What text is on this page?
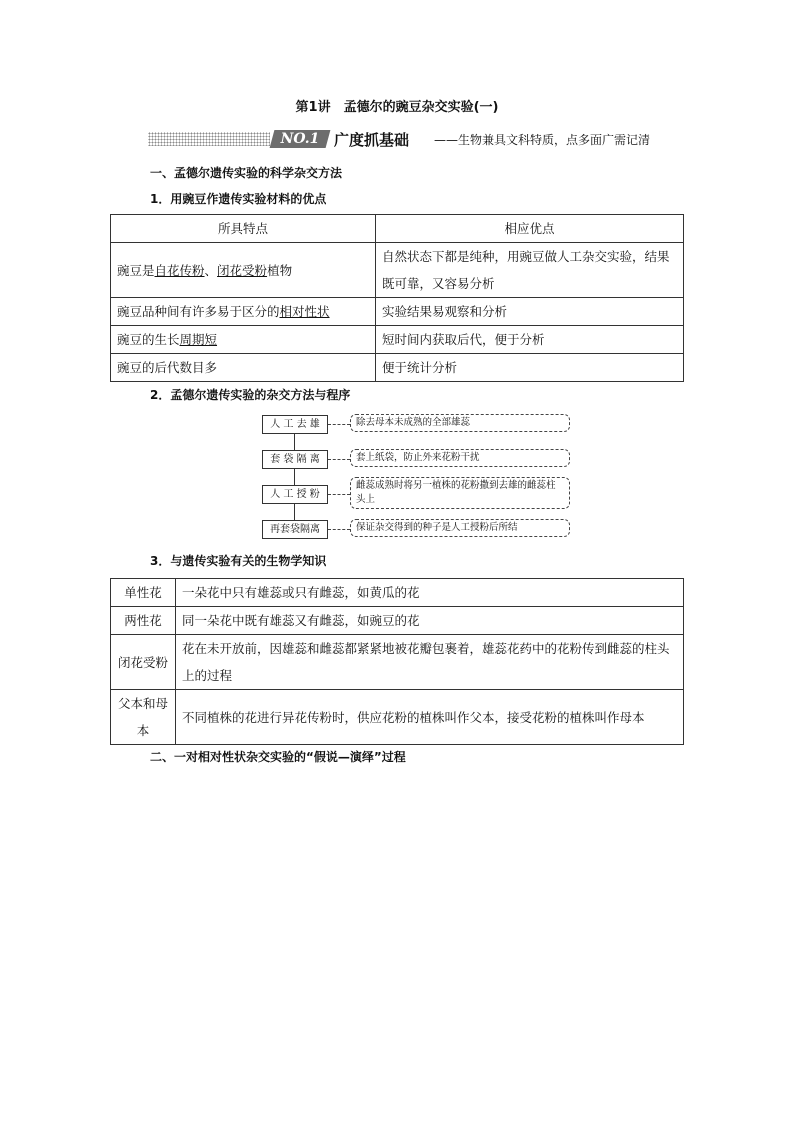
第1讲　孟德尔的豌豆杂交实验(一)
NO.1 广度抓基础 ——生物兼具文科特质，点多面广需记清
一、孟德尔遗传实验的科学杂交方法
1．用豌豆作遗传实验材料的优点
所具特点	相应优点
豌豆是自花传粉、闭花受粉植物	自然状态下都是纯种，用豌豆做人工杂交实验，结果既可靠，又容易分析
豌豆品种间有许多易于区分的相对性状	实验结果易观察和分析
豌豆的生长周期短	短时间内获取后代，便于分析
豌豆的后代数目多	便于统计分析
2．孟德尔遗传实验的杂交方法与程序
人 工 去 雄	除去母本未成熟的全部雄蕊
套 袋 隔 离	套上纸袋，防止外来花粉干扰
人 工 授 粉
雌蕊成熟时将另一植株的花粉撒到去雄的雌蕊柱头上
再套袋隔离	保证杂交得到的种子是人工授粉后所结
3．与遗传实验有关的生物学知识
单性花	一朵花中只有雄蕊或只有雌蕊，如黄瓜的花
两性花	同一朵花中既有雄蕊又有雌蕊，如豌豆的花
闭花受粉	花在未开放前，因雄蕊和雌蕊都紧紧地被花瓣包裹着，雄蕊花药中的花粉传到雌蕊的柱头上的过程
父本和母本	不同植株的花进行异花传粉时，供应花粉的植株叫作父本，接受花粉的植株叫作母本
二、一对相对性状杂交实验的“假说—演绎”过程
